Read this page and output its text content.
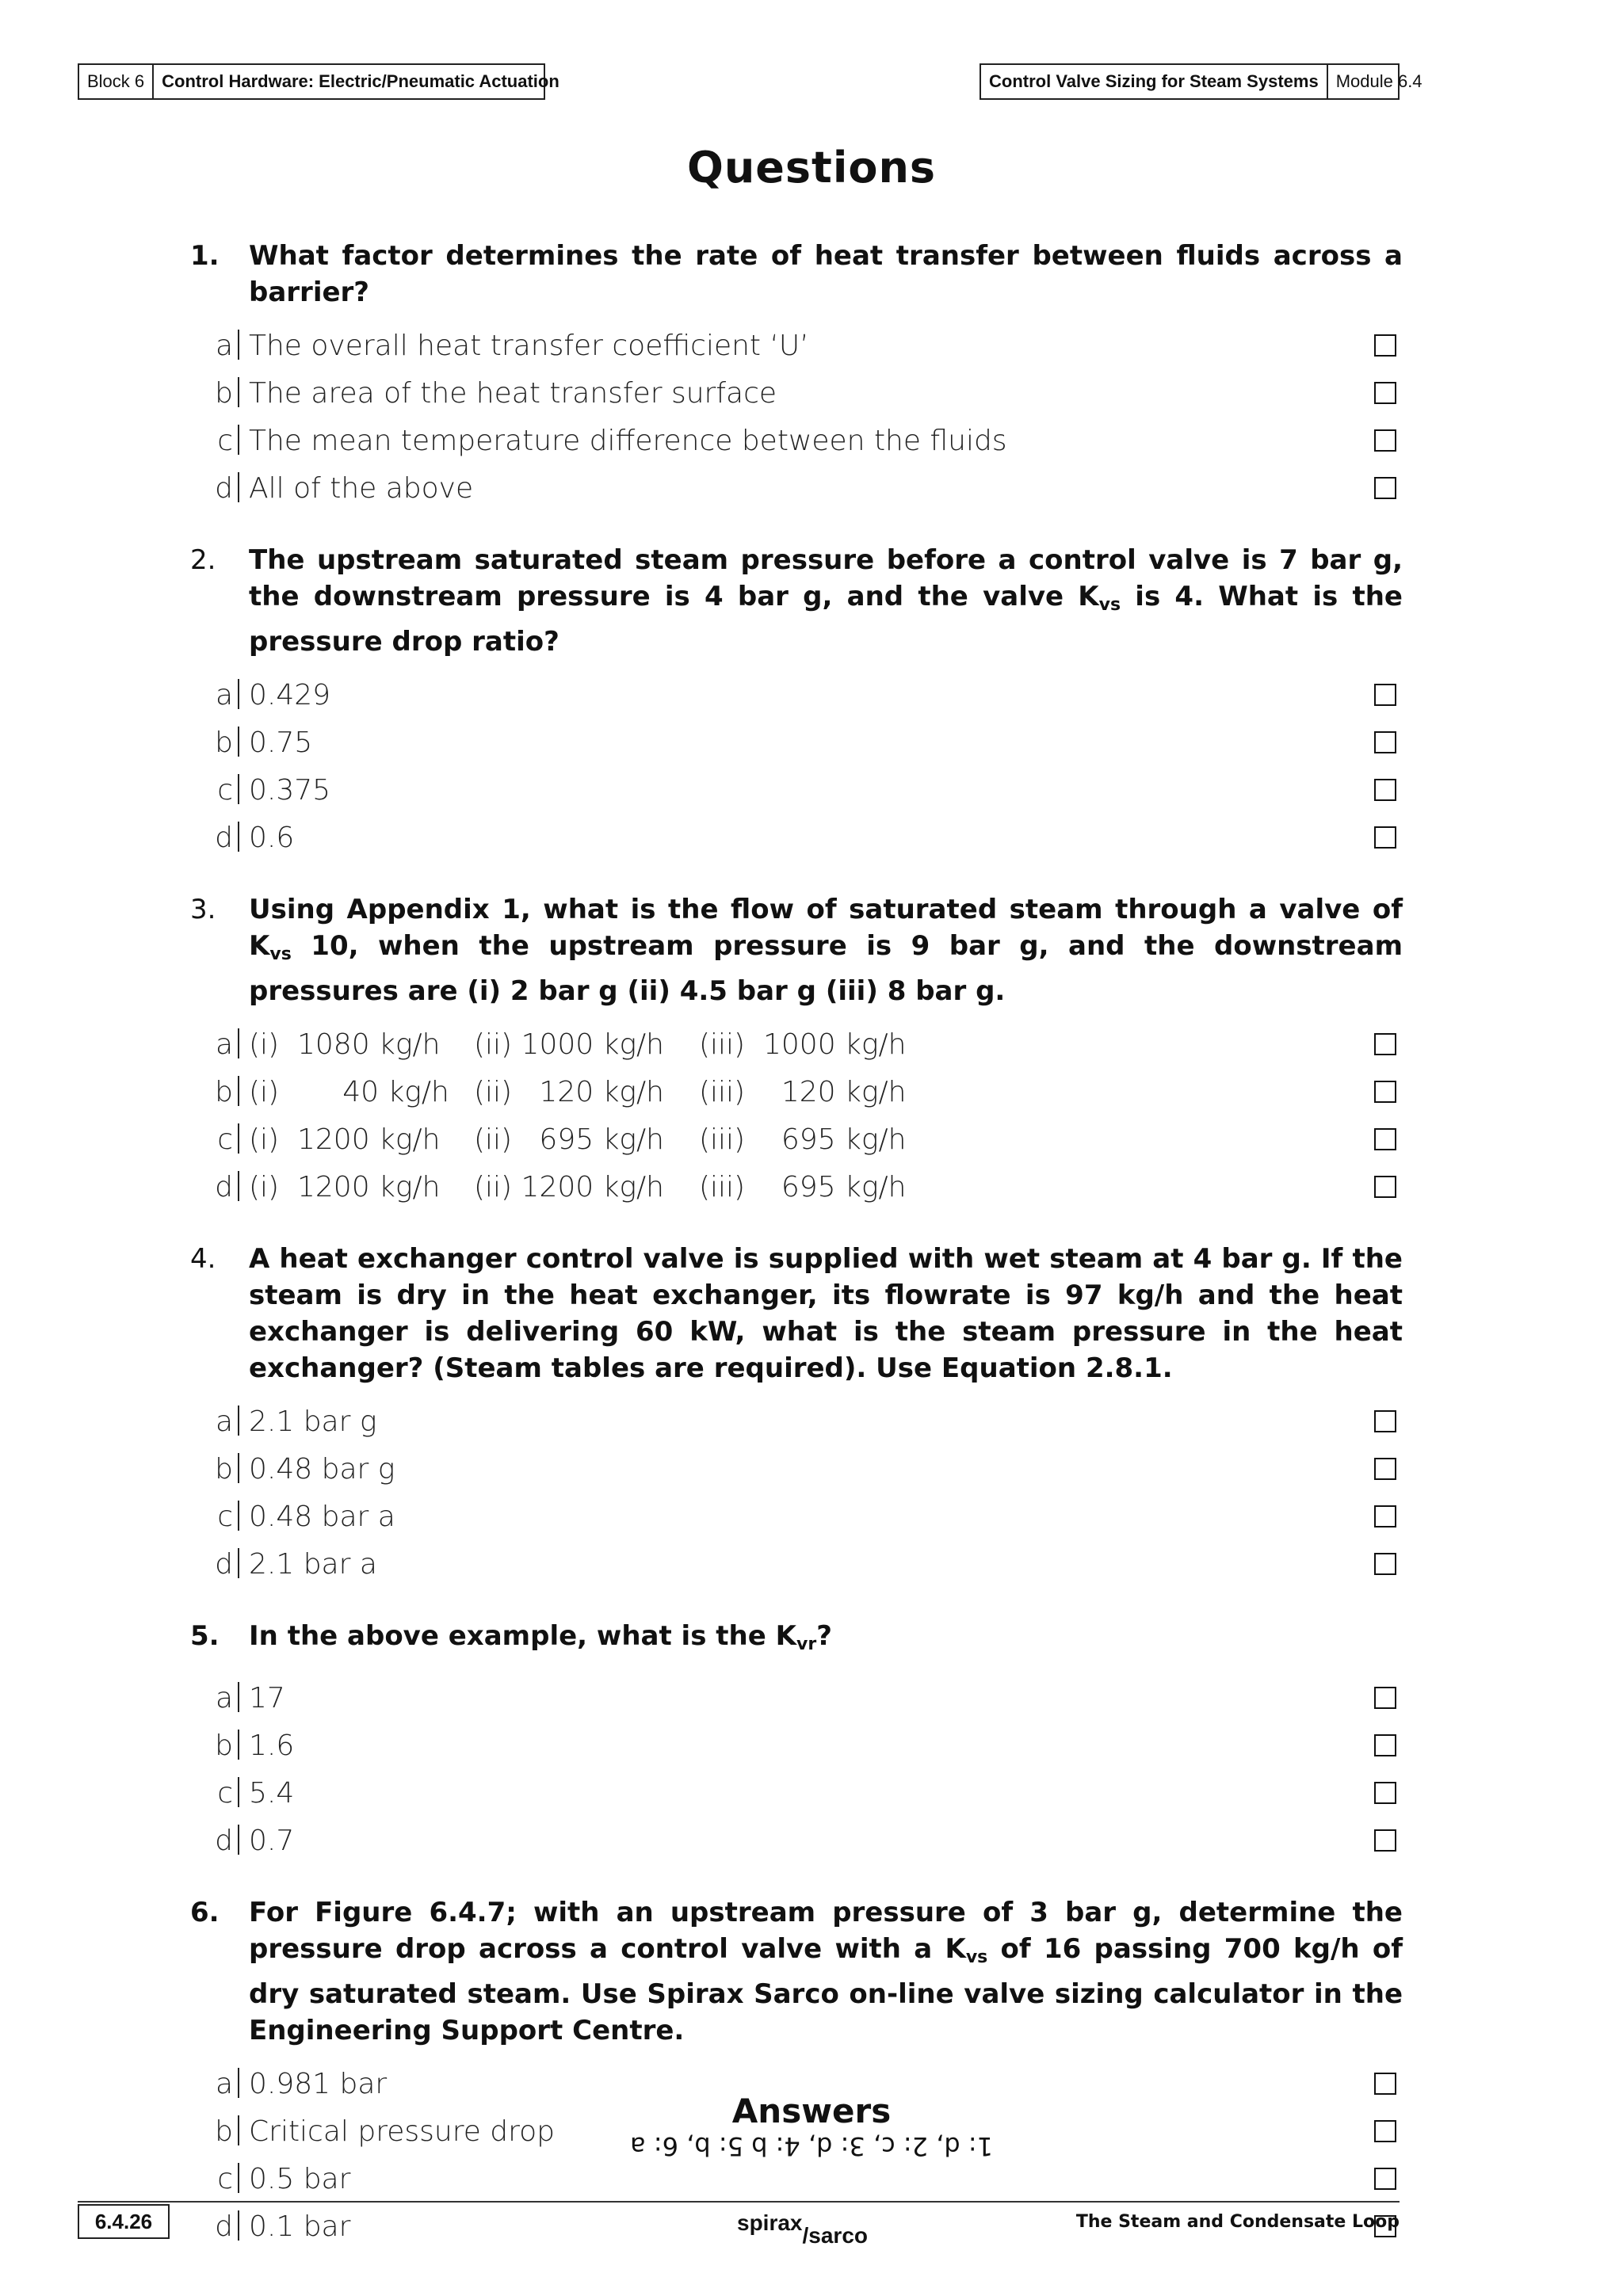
Block 6	Control Hardware: Electric/Pneumatic Actuation	Control Valve Sizing for Steam Systems	Module 6.4
Questions
1.	What factor determines the rate of heat transfer between fluids across a barrier?
a The overall heat transfer coefficient ‘U’
b The area of the heat transfer surface
c The mean temperature difference between the fluids
d All of the above
2.	The upstream saturated steam pressure before a control valve is 7 bar g, the downstream pressure is 4 bar g, and the valve $K_{vs}$ is 4. What is the pressure drop ratio?
a 0.429
b 0.75
c 0.375
d 0.6
3.	Using Appendix 1, what is the flow of saturated steam through a valve of $K_{vs}$ 10, when the upstream pressure is 9 bar g, and the downstream pressures are (i) 2 bar g (ii) 4.5 bar g (iii) 8 bar g.
a (i)  1080 kg/h (ii) 1000 kg/h (iii)  1000 kg/h
b (i)       40 kg/h (ii)   120 kg/h (iii)    120 kg/h
c (i)  1200 kg/h (ii)   695 kg/h (iii)    695 kg/h
d (i)  1200 kg/h (ii) 1200 kg/h (iii)    695 kg/h
4.	A heat exchanger control valve is supplied with wet steam at 4 bar g. If the steam is dry in the heat exchanger, its flowrate is 97 kg/h and the heat exchanger is delivering 60 kW, what is the steam pressure in the heat exchanger? (Steam tables are required). Use Equation 2.8.1.
a 2.1 bar g
b 0.48 bar g
c 0.48 bar a
d 2.1 bar a
5.	In the above example, what is the $K_{vr}$?
a 17
b 1.6
c 5.4
d 0.7
6.	For Figure 6.4.7; with an upstream pressure of 3 bar g, determine the pressure drop across a control valve with a $K_{vs}$ of 16 passing 700 kg/h of dry saturated steam. Use Spirax Sarco on-line valve sizing calculator in the Engineering Support Centre.
a 0.981 bar
b Critical pressure drop
c 0.5 bar
d 0.1 bar
Answers
1: d, 2: c, 3: d, 4: b 5: b, 6: a
6.4.26	spirax/sarco
The Steam and Condensate Loop
